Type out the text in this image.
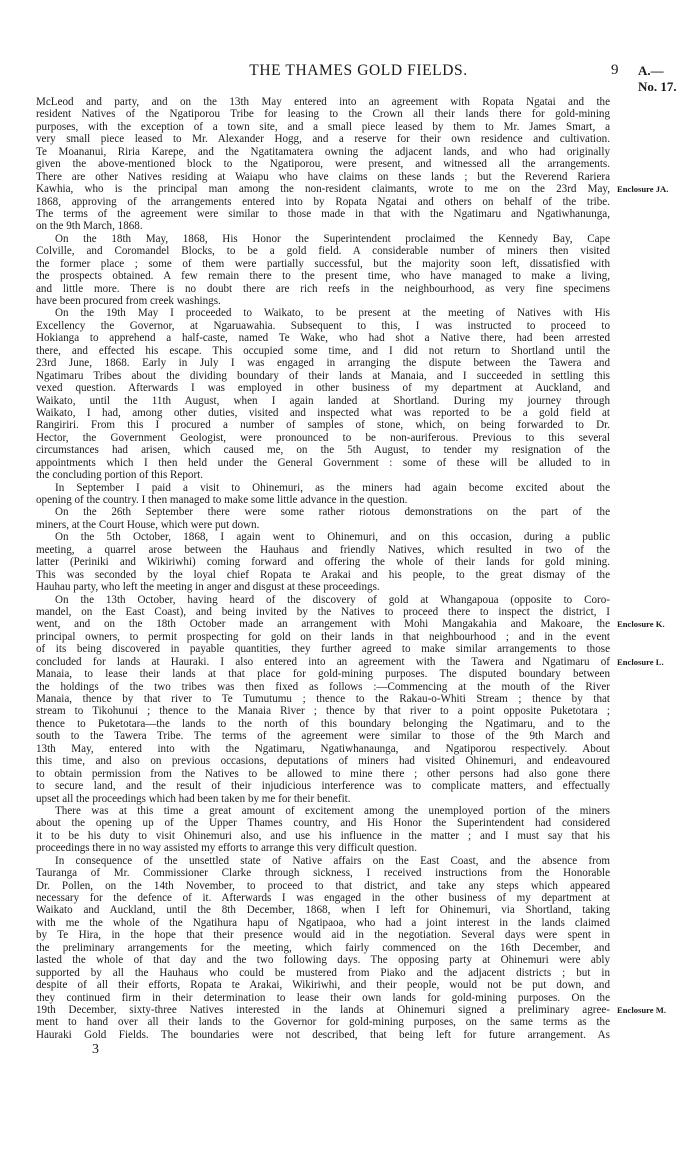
THE THAMES GOLD FIELDS.	9 A.—No. 17.
McLeod and party, and on the 13th May entered into an agreement with Ropata Ngatai and the
resident Natives of the Ngatiporou Tribe for leasing to the Crown all their lands there for gold-mining
purposes, with the exception of a town site, and a small piece leased by them to Mr. James Smart, a
very small piece leased to Mr. Alexander Hogg, and a reserve for their own residence and cultivation.
Te Moananui, Riria Karepe, and the Ngatitamatera owning the adjacent lands, and who had originally
given the above-mentioned block to the Ngatiporou, were present, and witnessed all the arrangements.
There are other Natives residing at Waiapu who have claims on these lands ; but the Reverend Rariera
Kawhia, who is the principal man among the non-resident claimants, wrote to me on the 23rd May, Enclosure JA.
1868, approving of the arrangements entered into by Ropata Ngatai and others on behalf of the tribe.
The terms of the agreement were similar to those made in that with the Ngatimaru and Ngatiwhanunga,
on the 9th March, 1868.
On the 18th May, 1868, His Honor the Superintendent proclaimed the Kennedy Bay, Cape
Colville, and Coromandel Blocks, to be a gold field. A considerable number of miners then visited
the former place ; some of them were partially successful, but the majority soon left, dissatisfied with
the prospects obtained. A few remain there to the present time, who have managed to make a living,
and little more. There is no doubt there are rich reefs in the neighbourhood, as very fine specimens
have been procured from creek washings.
On the 19th May I proceeded to Waikato, to be present at the meeting of Natives with His
Excellency the Governor, at Ngaruawahia. Subsequent to this, I was instructed to proceed to
Hokianga to apprehend a half-caste, named Te Wake, who had shot a Native there, had been arrested
there, and effected his escape. This occupied some time, and I did not return to Shortland until the
23rd June, 1868. Early in July I was engaged in arranging the dispute between the Tawera and
Ngatimaru Tribes about the dividing boundary of their lands at Manaia, and I succeeded in settling this
vexed question. Afterwards I was employed in other business of my department at Auckland, and
Waikato, until the 11th August, when I again landed at Shortland. During my journey through
Waikato, I had, among other duties, visited and inspected what was reported to be a gold field at
Rangiriri. From this I procured a number of samples of stone, which, on being forwarded to Dr.
Hector, the Government Geologist, were pronounced to be non-auriferous. Previous to this several
circumstances had arisen, which caused me, on the 5th August, to tender my resignation of the
appointments which I then held under the General Government : some of these will be alluded to in
the concluding portion of this Report.
In September I paid a visit to Ohinemuri, as the miners had again become excited about the
opening of the country. I then managed to make some little advance in the question.
On the 26th September there were some rather riotous demonstrations on the part of the
miners, at the Court House, which were put down.
On the 5th October, 1868, I again went to Ohinemuri, and on this occasion, during a public
meeting, a quarrel arose between the Hauhaus and friendly Natives, which resulted in two of the
latter (Periniki and Wikiriwhi) coming forward and offering the whole of their lands for gold mining.
This was seconded by the loyal chief Ropata te Arakai and his people, to the great dismay of the
Hauhau party, who left the meeting in anger and disgust at these proceedings.
On the 13th October, having heard of the discovery of gold at Whangapoua (opposite to Coro-
mandel, on the East Coast), and being invited by the Natives to proceed there to inspect the district, I
went, and on the 18th October made an arrangement with Mohi Mangakahia and Makoare, the Enclosure K.
principal owners, to permit prospecting for gold on their lands in that neighbourhood ; and in the event
of its being discovered in payable quantities, they further agreed to make similar arrangements to those
concluded for lands at Hauraki. I also entered into an agreement with the Tawera and Ngatimaru of Enclosure L.
Manaia, to lease their lands at that place for gold-mining purposes. The disputed boundary between
the holdings of the two tribes was then fixed as follows :—Commencing at the mouth of the River
Manaia, thence by that river to Te Tumutumu ; thence to the Rakau-o-Whiti Stream ; thence by that
stream to Tikohunui ; thence to the Manaia River ; thence by that river to a point opposite Puketotara ;
thence to Puketotara—the lands to the north of this boundary belonging the Ngatimaru, and to the
south to the Tawera Tribe. The terms of the agreement were similar to those of the 9th March and
13th May, entered into with the Ngatimaru, Ngatiwhanaunga, and Ngatiporou respectively. About
this time, and also on previous occasions, deputations of miners had visited Ohinemuri, and endeavoured
to obtain permission from the Natives to be allowed to mine there ; other persons had also gone there
to secure land, and the result of their injudicious interference was to complicate matters, and effectually
upset all the proceedings which had been taken by me for their benefit.
There was at this time a great amount of excitement among the unemployed portion of the miners
about the opening up of the Upper Thames country, and His Honor the Superintendent had considered
it to be his duty to visit Ohinemuri also, and use his influence in the matter ; and I must say that his
proceedings there in no way assisted my efforts to arrange this very difficult question.
In consequence of the unsettled state of Native affairs on the East Coast, and the absence from
Tauranga of Mr. Commissioner Clarke through sickness, I received instructions from the Honorable
Dr. Pollen, on the 14th November, to proceed to that district, and take any steps which appeared
necessary for the defence of it. Afterwards I was engaged in the other business of my department at
Waikato and Auckland, until the 8th December, 1868, when I left for Ohinemuri, via Shortland, taking
with me the whole of the Ngatihura hapu of Ngatipaoa, who had a joint interest in the lands claimed
by Te Hira, in the hope that their presence would aid in the negotiation. Several days were spent in
the preliminary arrangements for the meeting, which fairly commenced on the 16th December, and
lasted the whole of that day and the two following days. The opposing party at Ohinemuri were ably
supported by all the Hauhaus who could be mustered from Piako and the adjacent districts ; but in
despite of all their efforts, Ropata te Arakai, Wikiriwhi, and their people, would not be put down, and
they continued firm in their determination to lease their own lands for gold-mining purposes. On the
19th December, sixty-three Natives interested in the lands at Ohinemuri signed a preliminary agree- Enclosure M.
ment to hand over all their lands to the Governor for gold-mining purposes, on the same terms as the
Hauraki Gold Fields. The boundaries were not described, that being left for future arrangement. As
3
